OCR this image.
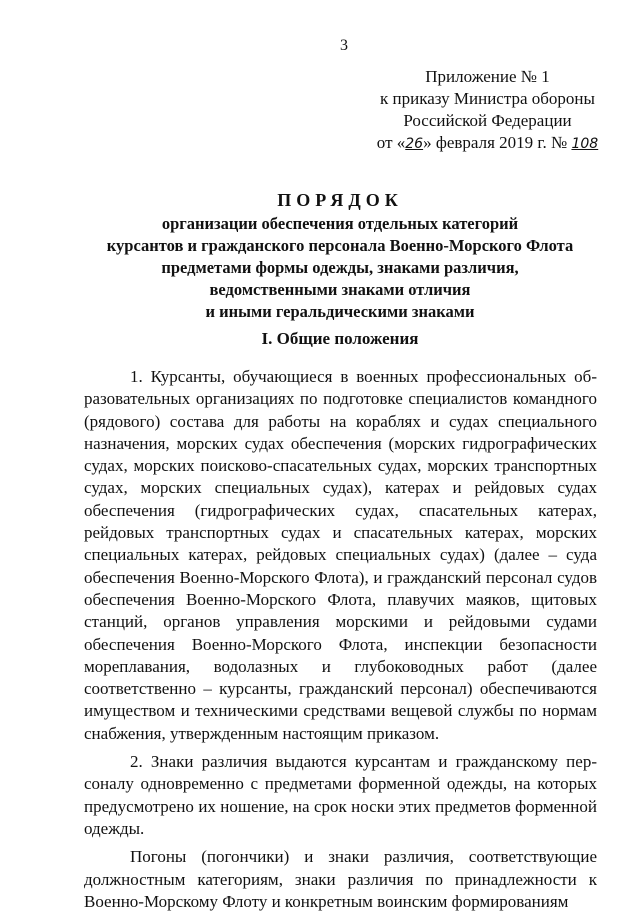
3
Приложение № 1
к приказу Министра обороны
Российской Федерации
от «26» февраля 2019 г. № 108

ПОРЯДОК

организации обеспечения отдельных категорий

курсантов и гражданского персонала Военно-Морского Флота

предметами формы одежды, знаками различия,

ведомственными знаками отличия

и иными геральдическими знаками

I. Общие положения

1. Курсанты, обучающиеся в военных профессиональных образовательных организациях по подготовке специалистов командного (рядового) состава для работы на кораблях и судах специального назначения, морских судах обеспечения (морских гидрографических судах, морских поисково-спасательных судах, морских транспортных судах, морских специальных судах), катерах и рейдовых судах обеспечения (гидрографических судах, спасательных катерах, рейдовых транспортных судах и спасательных катерах, морских специальных катерах, рейдовых специальных судах) (далее – суда обеспечения Военно-Морского Флота), и гражданский персонал судов обеспечения Военно-Морского Флота, плавучих маяков, щитовых станций, органов управления морскими и рейдовыми судами обеспечения Военно-Морского Флота, инспекции безопасности мореплавания, водолазных и глубоководных работ (далее соответственно – курсанты, гражданский персонал) обеспечиваются имуществом и техническими средствами вещевой службы по нормам снабжения, утвержденным настоящим приказом.

2. Знаки различия выдаются курсантам и гражданскому персоналу одновременно с предметами форменной одежды, на которых предусмотрено их ношение, на срок носки этих предметов форменной одежды.

Погоны (погончики) и знаки различия, соответствующие должностным категориям, знаки различия по принадлежности к Военно-Морскому Флоту и конкретным воинским формированиям
